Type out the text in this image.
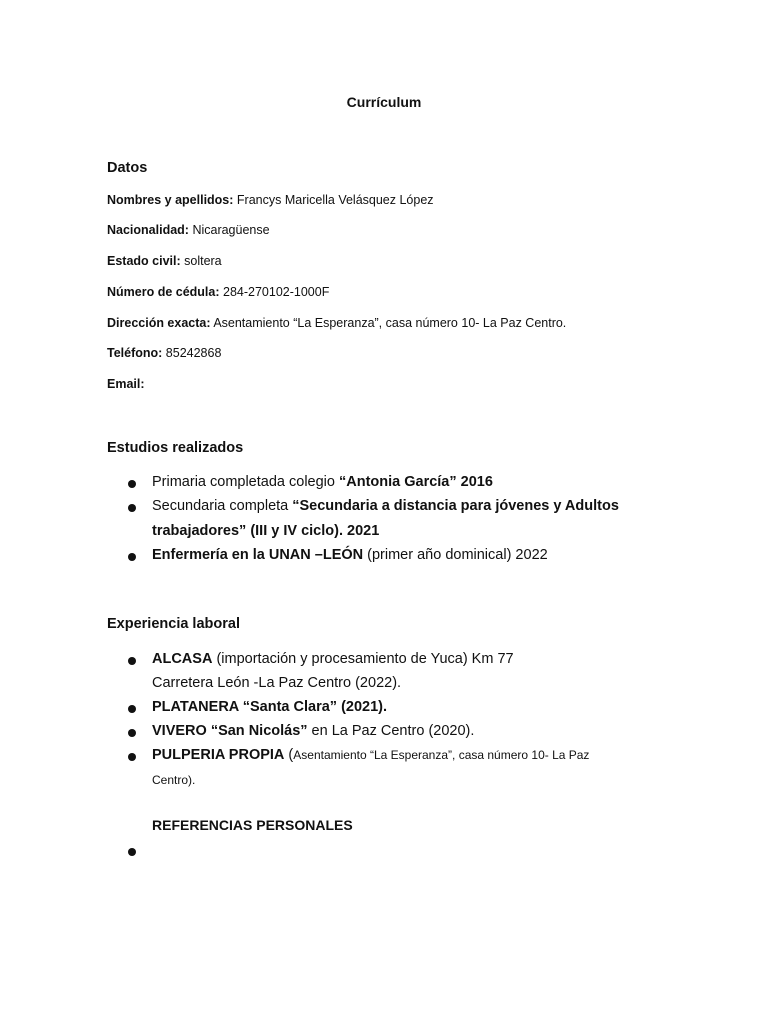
Currículum
Datos
Nombres y apellidos: Francys Maricella Velásquez López
Nacionalidad: Nicaragüense
Estado civil: soltera
Número de cédula: 284-270102-1000F
Dirección exacta: Asentamiento “La Esperanza”, casa número 10- La Paz Centro.
Teléfono: 85242868
Email:
Estudios realizados
Primaria completada colegio “Antonia García” 2016
Secundaria completa “Secundaria a distancia para jóvenes y Adultos
trabajadores” (III y IV ciclo). 2021
Enfermería en la UNAN –LEÓN (primer año dominical) 2022
Experiencia laboral
ALCASA (importación y procesamiento de Yuca) Km 77
Carretera León -La Paz Centro (2022).
PLATANERA “Santa Clara” (2021).
VIVERO “San Nicolás” en La Paz Centro (2020).
PULPERIA PROPIA (Asentamiento “La Esperanza”, casa número 10- La Paz
Centro).
REFERENCIAS PERSONALES
